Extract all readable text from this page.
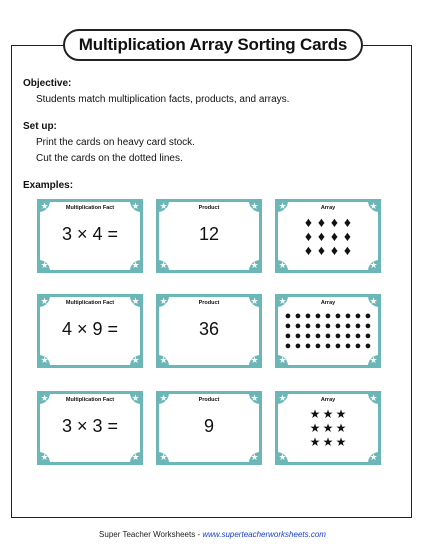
Multiplication Array Sorting Cards
Objective:
Students match multiplication facts, products, and arrays.
Set up:
Print the cards on heavy card stock.
Cut the cards on the dotted lines.
Examples:
★	★
★	★
Multiplication Fact
3 × 4 =
★	★
★	★
Product
12
★	★
★	★
Array
♦ ♦ ♦ ♦
♦ ♦ ♦ ♦
♦ ♦ ♦ ♦
★	★
★	★
Multiplication Fact
4 × 9 =
★	★
★	★
Product
36
★	★
★	★
Array
● ● ● ● ● ● ● ● ●
● ● ● ● ● ● ● ● ●
● ● ● ● ● ● ● ● ●
● ● ● ● ● ● ● ● ●
★	★
★	★
Multiplication Fact
3 × 3 =
★	★
★	★
Product
9
★	★
★	★
Array
★ ★ ★
★ ★ ★
★ ★ ★
Super Teacher Worksheets - www.superteacherworksheets.com
